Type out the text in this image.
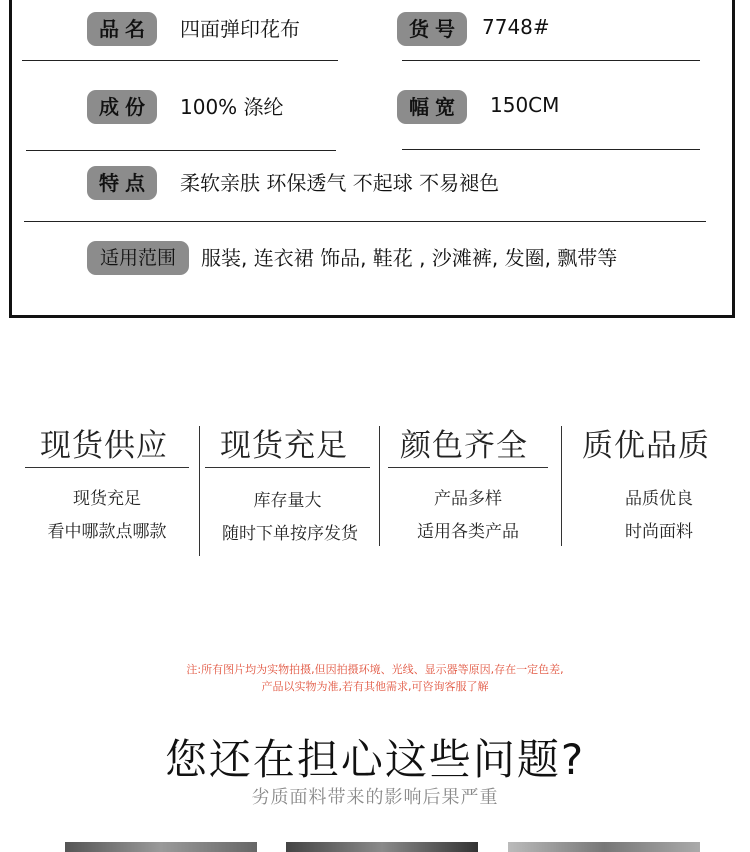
品名	四面弹印花布	货号	7748#
成份	100% 涤纶	幅宽	150CM
特点	柔软亲肤 环保透气 不起球 不易褪色
适用范围	服装, 连衣裙 饰品, 鞋花 , 沙滩裤, 发圈, 飘带等
现货供应
现货充足
看中哪款点哪款
现货充足
库存量大
随时下单按序发货
颜色齐全
产品多样
适用各类产品
质优品质
品质优良
时尚面料
注:所有图片均为实物拍摄,但因拍摄环境、光线、显示器等原因,存在一定色差,
产品以实物为准,若有其他需求,可咨询客服了解
您还在担心这些问题?
劣质面料带来的影响后果严重
